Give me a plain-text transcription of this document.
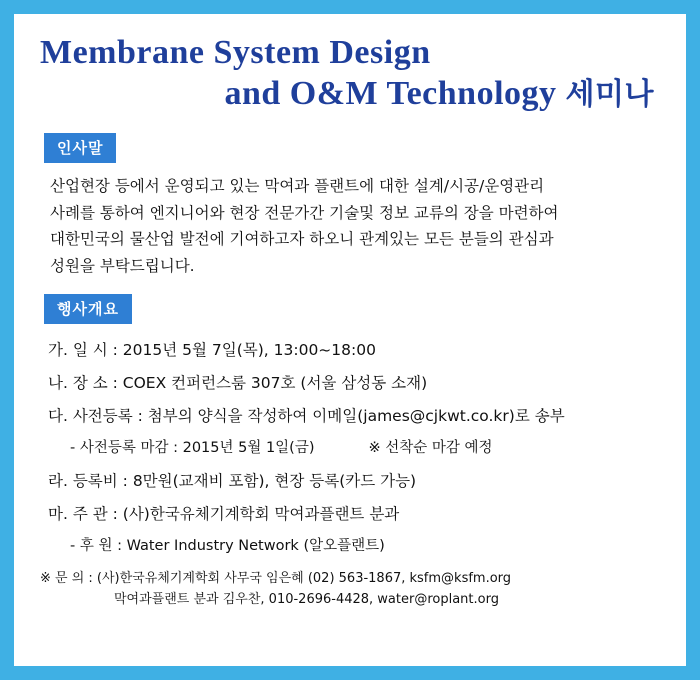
Membrane System Design
and O&M Technology 세미나
인사말

산업현장 등에서 운영되고 있는 막여과 플랜트에 대한 설계/시공/운영관리

사례를 통하여 엔지니어와 현장 전문가간 기술및 정보 교류의 장을 마련하여

대한민국의 물산업 발전에 기여하고자 하오니 관계있는 모든 분들의 관심과

성원을 부탁드립니다.

행사개요
가. 일 시 : 2015년 5월 7일(목), 13:00~18:00
나. 장 소 : COEX 컨퍼런스룸 307호 (서울 삼성동 소재)
다. 사전등록 : 첨부의 양식을 작성하여 이메일(james@cjkwt.co.kr)로 송부
- 사전등록 마감 : 2015년 5월 1일(금)	※ 선착순 마감 예정
라. 등록비 : 8만원(교재비 포함), 현장 등록(카드 가능)
마. 주 관 : (사)한국유체기계학회 막여과플랜트 분과
- 후 원 : Water Industry Network (알오플랜트)
※ 문 의 : (사)한국유체기계학회 사무국 임은혜 (02) 563-1867, ksfm@ksfm.org
막여과플랜트 분과 김우찬, 010-2696-4428, water@roplant.org
